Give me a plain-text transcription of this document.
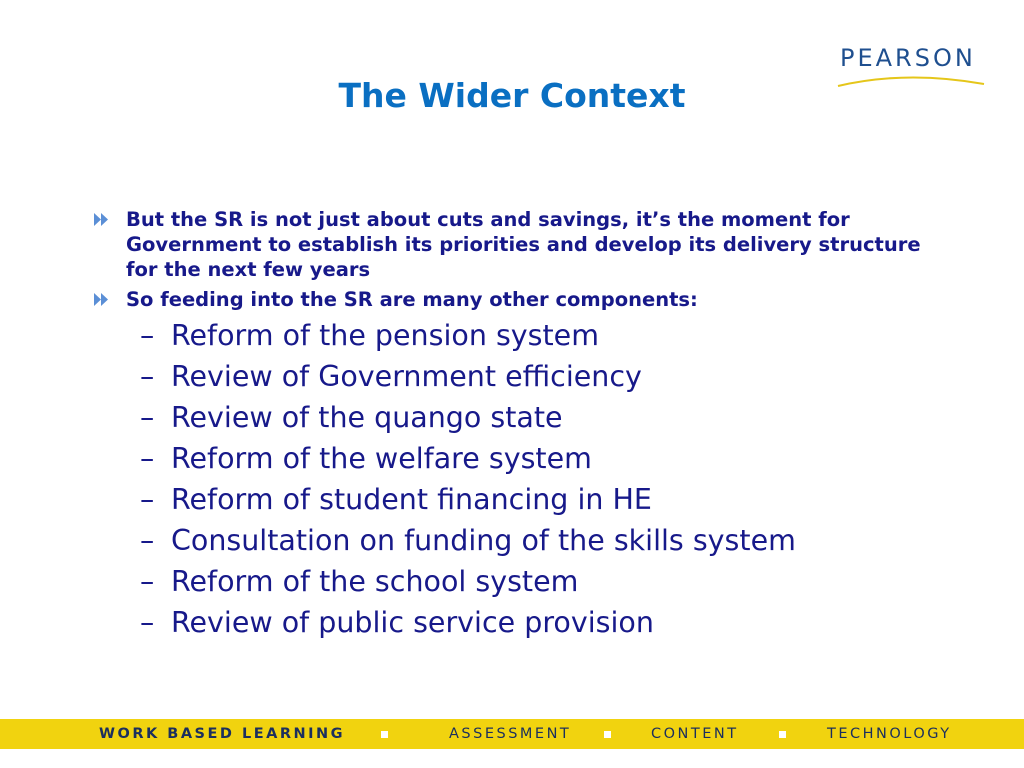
PEARSON
The Wider Context
But the SR is not just about cuts and savings, it’s the moment for Government to establish its priorities and develop its delivery structure for the next few years
So feeding into the SR are many other components:
– Reform of the pension system
– Review of Government efficiency
– Review of the quango state
– Reform of the welfare system
– Reform of student financing in HE
– Consultation on funding of the skills system
– Reform of the school system
– Review of public service provision
WORK BASED LEARNING	ASSESSMENT	CONTENT	TECHNOLOGY
